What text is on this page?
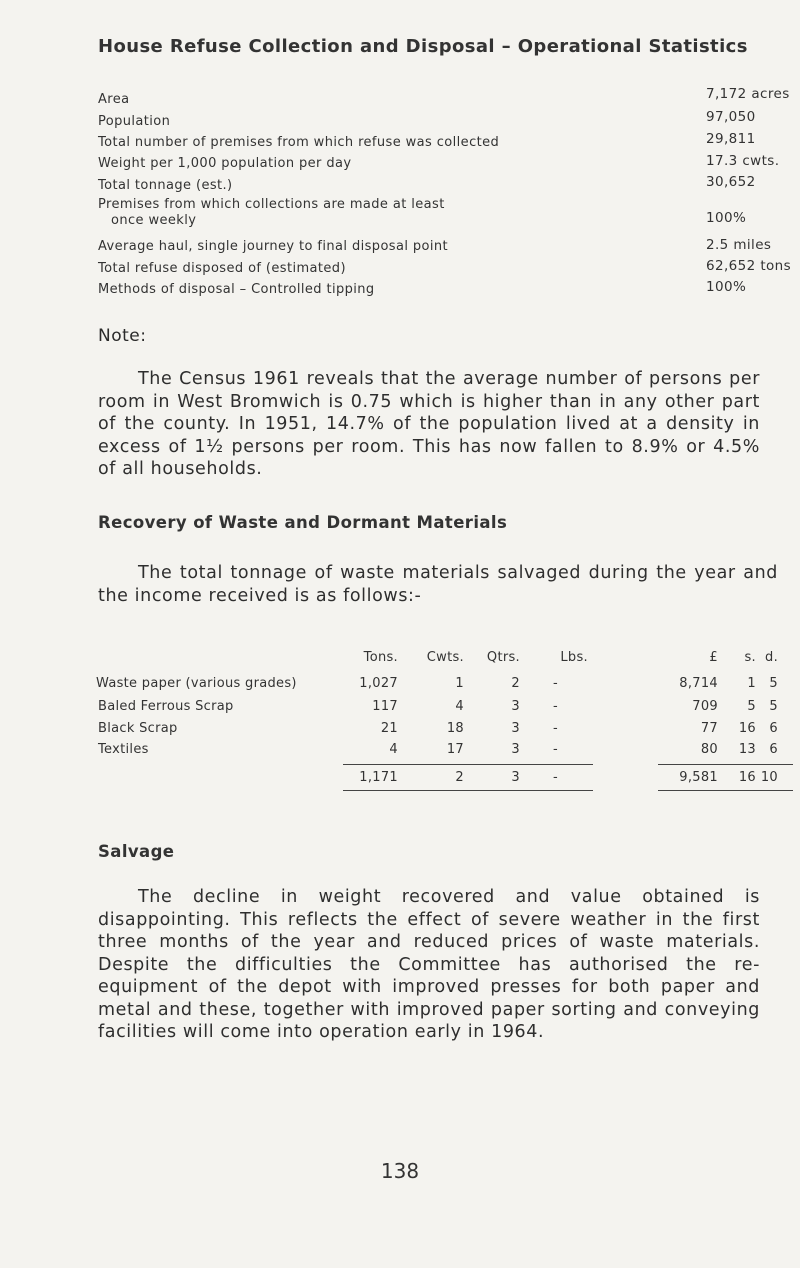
House Refuse Collection and Disposal – Operational Statistics
Area	7,172 acres
Population	97,050
Total number of premises from which refuse was collected	29,811
Weight per 1,000 population per day	17.3 cwts.
Total tonnage (est.)	30,652
Premises from which collections are made at least
once weekly	100%
Average haul, single journey to final disposal point	2.5 miles
Total refuse disposed of (estimated)	62,652 tons
Methods of disposal – Controlled tipping	100%
Note:
The Census 1961 reveals that the average number of persons per room in West Bromwich is 0.75 which is higher than in any other part of the county. In 1951, 14.7% of the population lived at a density in excess of 1½ persons per room. This has now fallen to 8.9% or 4.5% of all households.
Recovery of Waste and Dormant Materials
The total tonnage of waste materials salvaged during the year and the income received is as follows:-
Tons.	Cwts.	Qtrs.	Lbs.	£	s. d.
Waste paper (various grades)	1,027	1	2	-	8,714	1	5
Baled Ferrous Scrap	117	4	3	-	709	5	5
Black Scrap	21	18	3	-	77	16	6
Textiles	4	17	3	-	80	13	6
1,171	2	3	-	9,581	16 10
Salvage
The decline in weight recovered and value obtained is disappointing. This reflects the effect of severe weather in the first three months of the year and reduced prices of waste materials. Despite the difficulties the Committee has authorised the re-equipment of the depot with improved presses for both paper and metal and these, together with improved paper sorting and conveying facilities will come into operation early in 1964.
138
